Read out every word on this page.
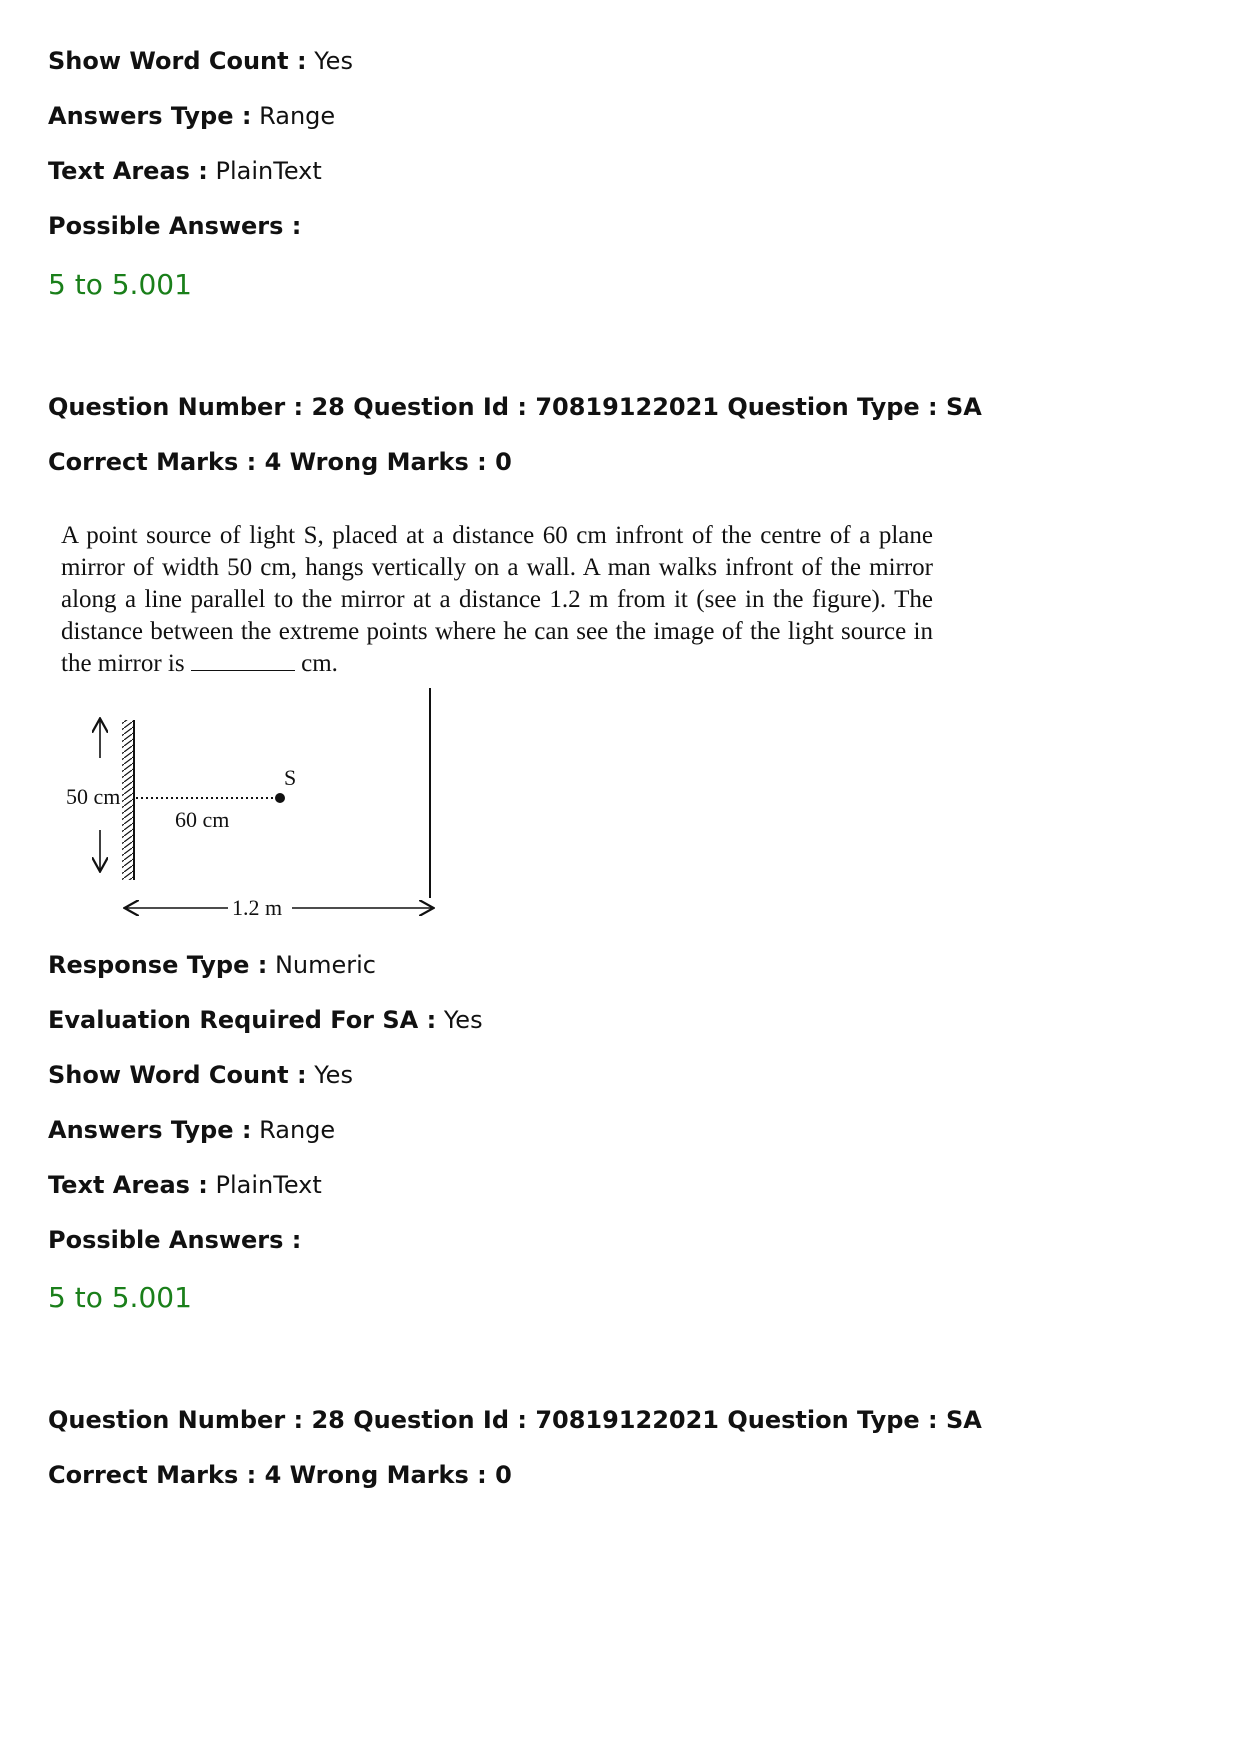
Show Word Count : Yes
Answers Type : Range
Text Areas : PlainText
Possible Answers :
5 to 5.001
Question Number : 28 Question Id : 70819122021 Question Type : SA
Correct Marks : 4 Wrong Marks : 0
A point source of light S, placed at a distance 60 cm infront of the centre of a plane mirror of width 50 cm, hangs vertically on a wall. A man walks infront of the mirror along a line parallel to the mirror at a distance 1.2 m from it (see in the figure). The distance between the extreme points where he can see the image of the light source in the mirror is	cm.
50 cm
S
60 cm
1.2 m
Response Type : Numeric
Evaluation Required For SA : Yes
Show Word Count : Yes
Answers Type : Range
Text Areas : PlainText
Possible Answers :
5 to 5.001
Question Number : 28 Question Id : 70819122021 Question Type : SA
Correct Marks : 4 Wrong Marks : 0
